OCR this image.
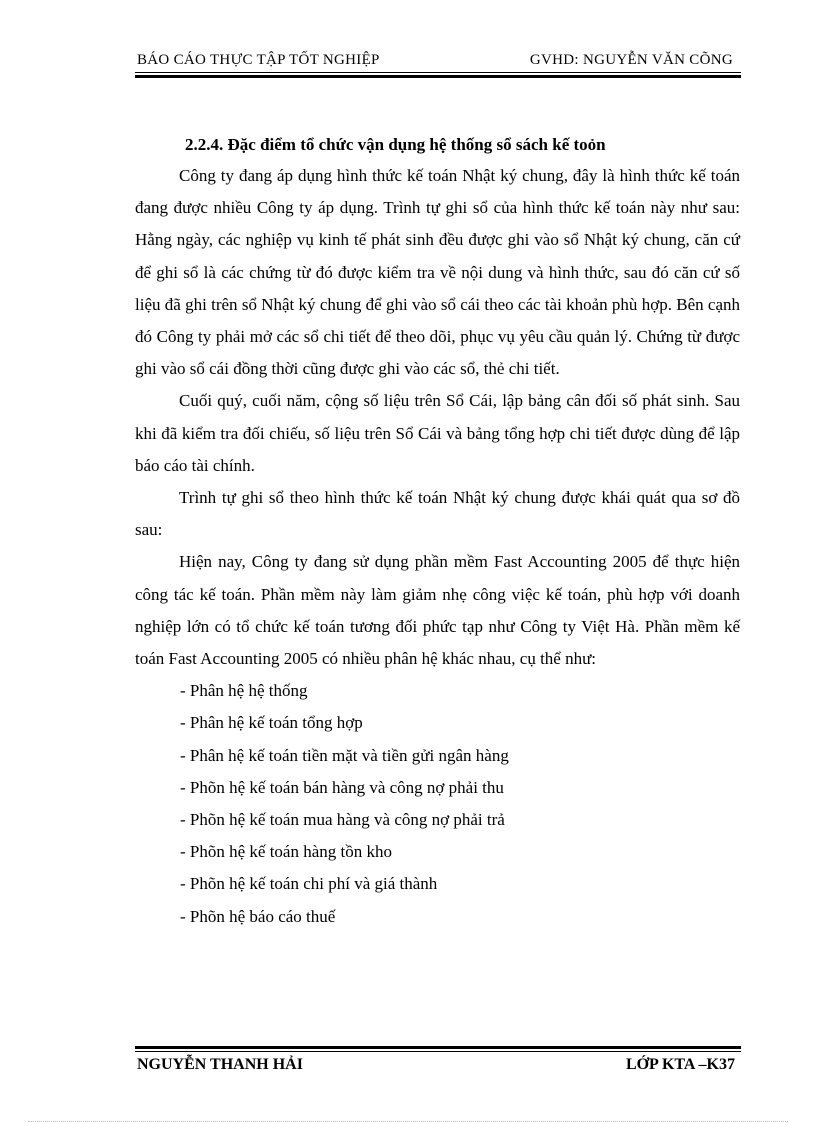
BÁO CÁO THỰC TẬP TỐT NGHIỆP	GVHD: NGUYỄN VĂN CÕNG

2.2.4. Đặc điểm tổ chức vận dụng hệ thống sổ sách kế toỏn

Công ty đang áp dụng hình thức kế toán Nhật ký chung, đây là hình thức kế toán đang được nhiều Công ty áp dụng. Trình tự ghi sổ của hình thức kế toán này như sau: Hằng ngày, các nghiệp vụ kinh tế phát sinh đều được ghi vào sổ Nhật ký chung, căn cứ để ghi sổ là các chứng từ đó được kiểm tra về nội dung và hình thức, sau đó căn cứ số liệu đã ghi trên sổ Nhật ký chung để ghi vào sổ cái theo các tài khoản phù hợp. Bên cạnh đó Công ty phải mở các sổ chi tiết để theo dõi, phục vụ yêu cầu quản lý. Chứng từ được ghi vào sổ cái đồng thời cũng được ghi vào các sổ, thẻ chi tiết.

Cuối quý, cuối năm, cộng số liệu trên Sổ Cái, lập bảng cân đối số phát sinh. Sau khi đã kiểm tra đối chiếu, số liệu trên Sổ Cái và bảng tổng hợp chi tiết được dùng để lập báo cáo tài chính.

Trình tự ghi sổ theo hình thức kế toán Nhật ký chung được khái quát qua sơ đồ sau:

Hiện nay, Công ty đang sử dụng phần mềm Fast Accounting 2005 để thực hiện công tác kế toán. Phần mềm này làm giảm nhẹ công việc kế toán, phù hợp với doanh nghiệp lớn có tổ chức kế toán tương đối phức tạp như Công ty Việt Hà. Phần mềm kế toán Fast Accounting 2005 có nhiều phân hệ khác nhau, cụ thể như:

- Phân hệ hệ thống
- Phân hệ kế toán tổng hợp
- Phân hệ kế toán tiền mặt và tiền gửi ngân hàng
- Phõn hệ kế toán bán hàng và công nợ phải thu
- Phõn hệ kế toán mua hàng và công nợ phải trả
- Phõn hệ kế toán hàng tồn kho
- Phõn hệ kế toán chi phí và giá thành
- Phõn hệ báo cáo thuế
NGUYỄN THANH HẢI	LỚP KTA –K37
